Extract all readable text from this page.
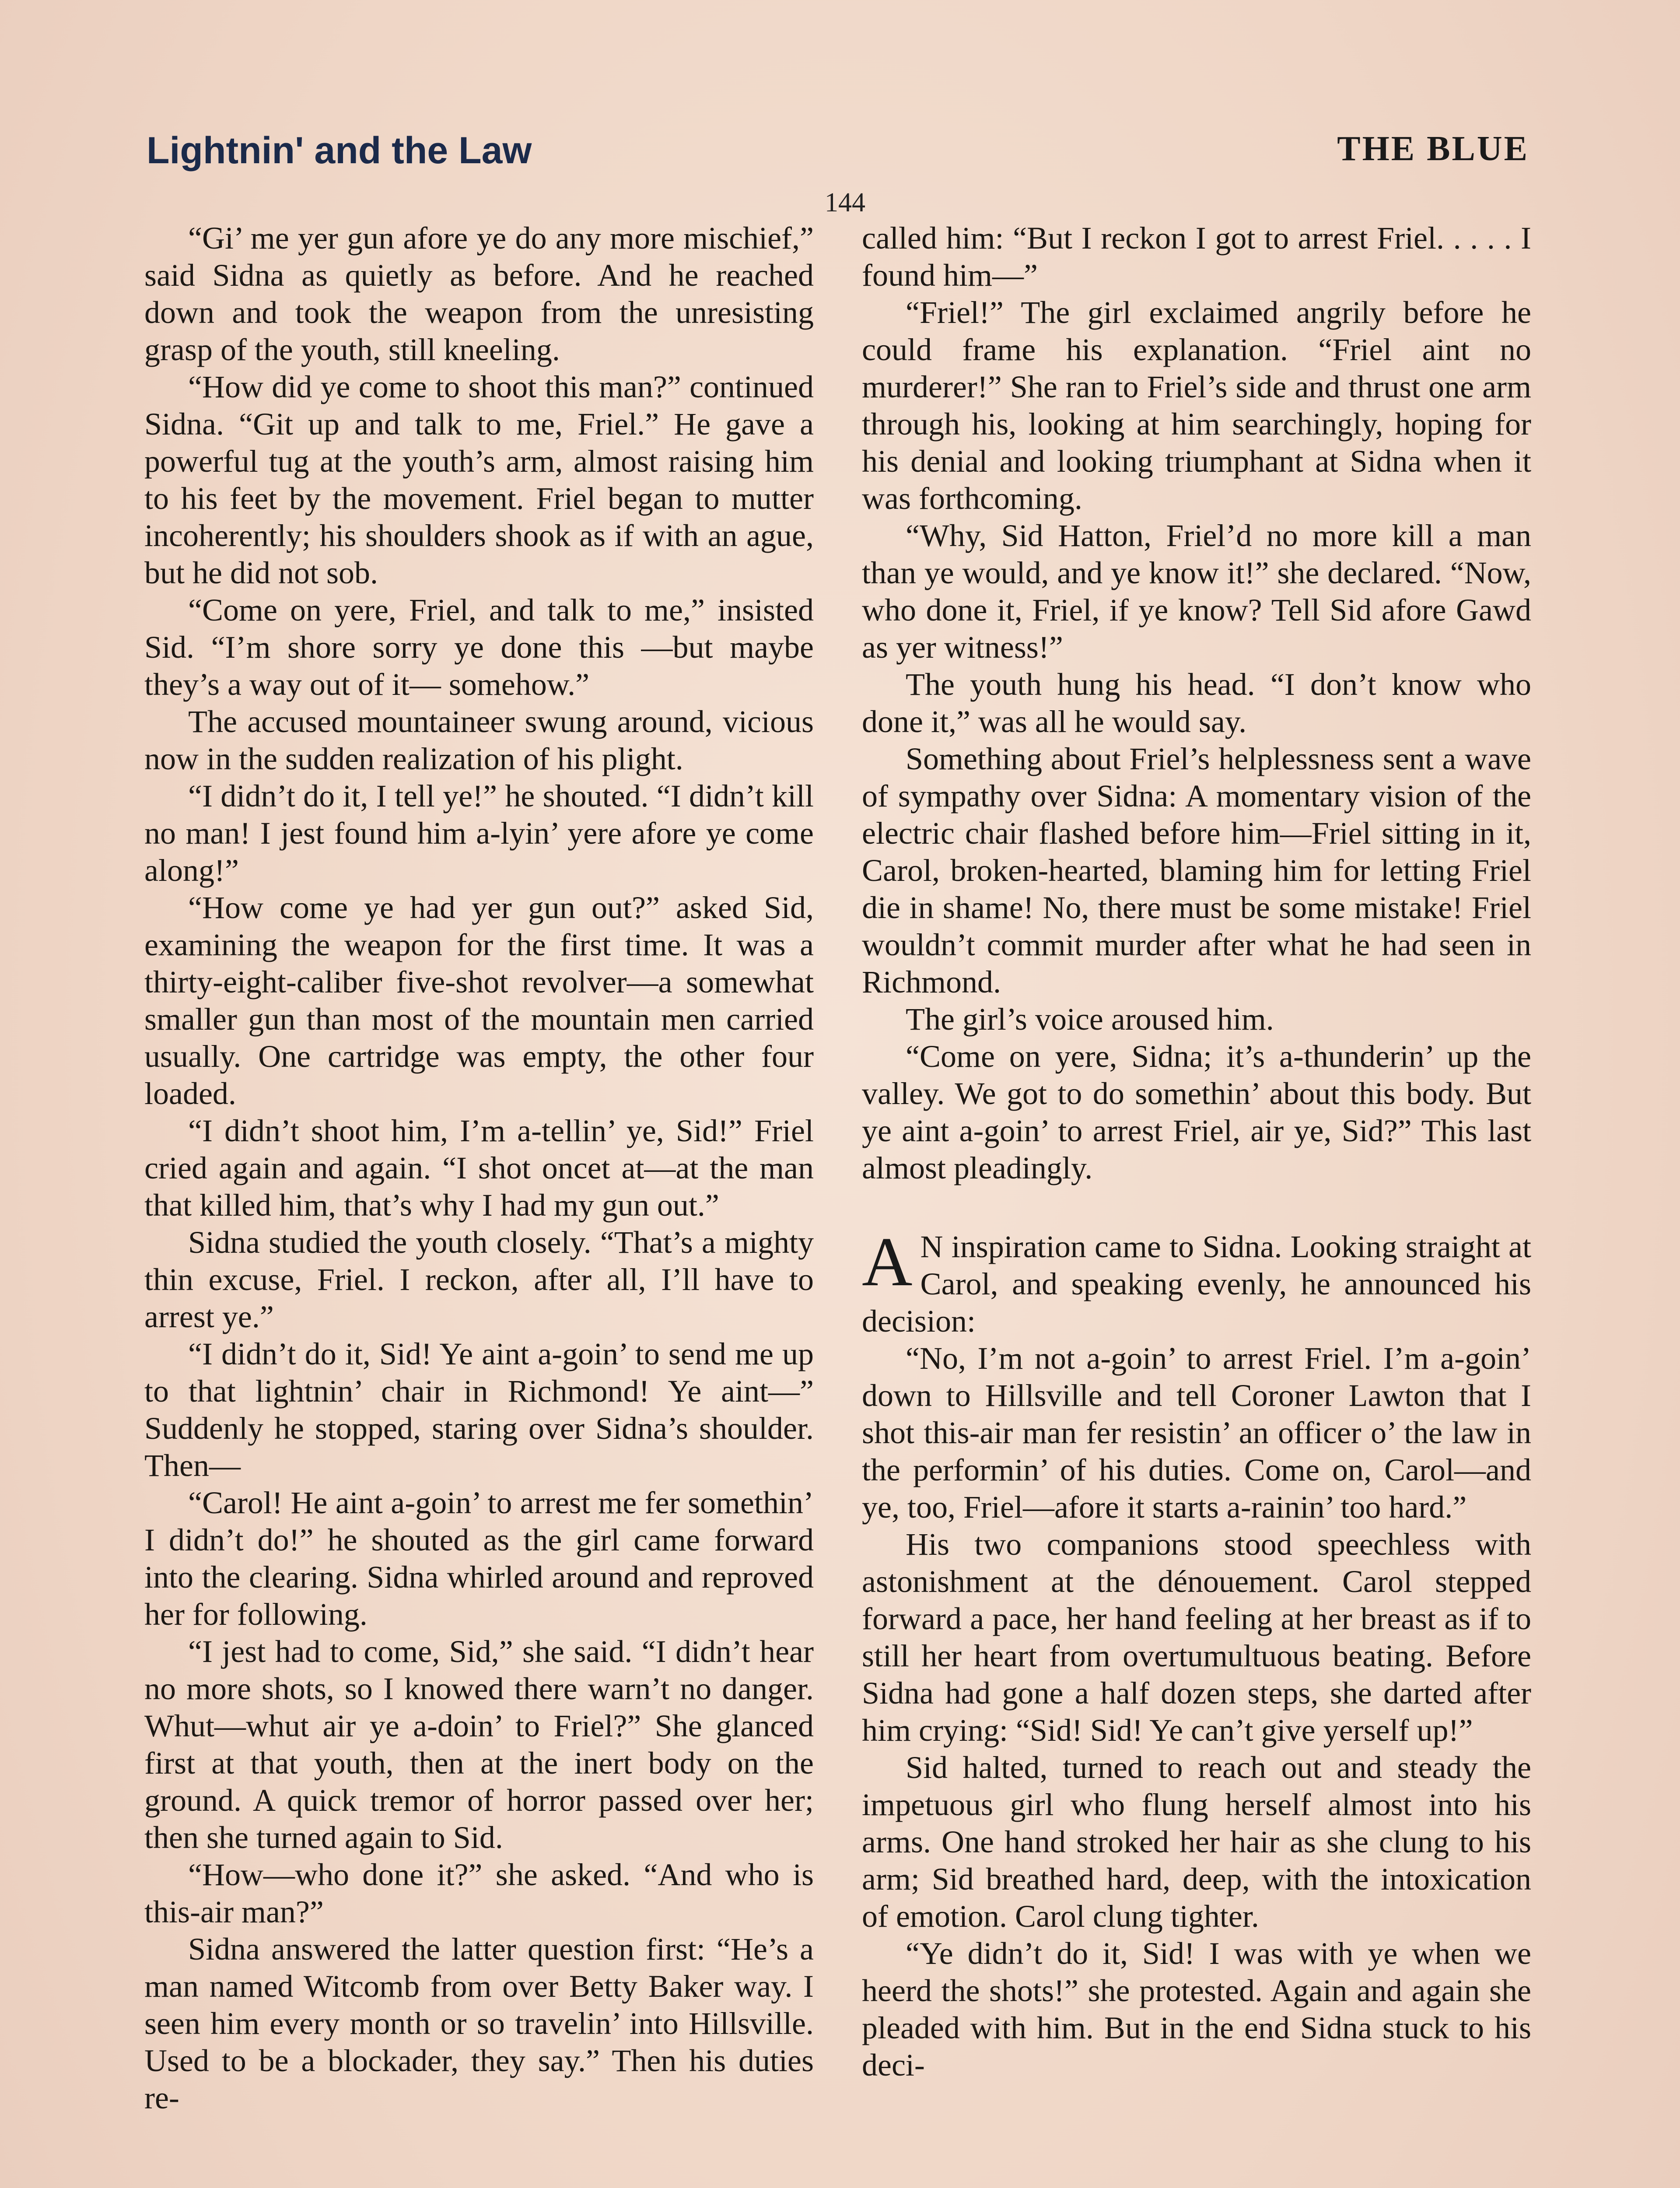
Lightnin' and the Law	THE BLUE
144

“Gi’ me yer gun afore ye do any more mischief,” said Sidna as quietly as before. And he reached down and took the weapon from the unresisting grasp of the youth, still kneeling.

“How did ye come to shoot this man?” continued Sidna. “Git up and talk to me, Friel.” He gave a powerful tug at the youth’s arm, almost raising him to his feet by the movement. Friel began to mutter incoherently; his shoulders shook as if with an ague, but he did not sob.

“Come on yere, Friel, and talk to me,” insisted Sid. “I’m shore sorry ye done this —but maybe they’s a way out of it— somehow.”

The accused mountaineer swung around, vicious now in the sudden realization of his plight.

“I didn’t do it, I tell ye!” he shouted. “I didn’t kill no man! I jest found him a-lyin’ yere afore ye come along!”

“How come ye had yer gun out?” asked Sid, examining the weapon for the first time. It was a thirty-eight-caliber five-shot revolver—a somewhat smaller gun than most of the mountain men carried usually. One cartridge was empty, the other four loaded.

“I didn’t shoot him, I’m a-tellin’ ye, Sid!” Friel cried again and again. “I shot oncet at—at the man that killed him, that’s why I had my gun out.”

Sidna studied the youth closely. “That’s a mighty thin excuse, Friel. I reckon, after all, I’ll have to arrest ye.”

“I didn’t do it, Sid! Ye aint a-goin’ to send me up to that lightnin’ chair in Richmond! Ye aint—” Suddenly he stopped, staring over Sidna’s shoulder. Then—

“Carol! He aint a-goin’ to arrest me fer somethin’ I didn’t do!” he shouted as the girl came forward into the clearing. Sidna whirled around and reproved her for following.

“I jest had to come, Sid,” she said. “I didn’t hear no more shots, so I knowed there warn’t no danger. Whut—whut air ye a-doin’ to Friel?” She glanced first at that youth, then at the inert body on the ground. A quick tremor of horror passed over her; then she turned again to Sid.

“How—who done it?” she asked. “And who is this-air man?”

Sidna answered the latter question first: “He’s a man named Witcomb from over Betty Baker way. I seen him every month or so travelin’ into Hillsville. Used to be a blockader, they say.” Then his duties re-

called him: “But I reckon I got to arrest Friel. . . . . I found him—”

“Friel!” The girl exclaimed angrily before he could frame his explanation. “Friel aint no murderer!” She ran to Friel’s side and thrust one arm through his, looking at him searchingly, hoping for his denial and looking triumphant at Sidna when it was forthcoming.

“Why, Sid Hatton, Friel’d no more kill a man than ye would, and ye know it!” she declared. “Now, who done it, Friel, if ye know? Tell Sid afore Gawd as yer witness!”

The youth hung his head. “I don’t know who done it,” was all he would say.

Something about Friel’s helplessness sent a wave of sympathy over Sidna: A momentary vision of the electric chair flashed before him—Friel sitting in it, Carol, broken-hearted, blaming him for letting Friel die in shame! No, there must be some mistake! Friel wouldn’t commit murder after what he had seen in Richmond.

The girl’s voice aroused him.

“Come on yere, Sidna; it’s a-thunderin’ up the valley. We got to do somethin’ about this body. But ye aint a-goin’ to arrest Friel, air ye, Sid?” This last almost pleadingly.

A N inspiration came to Sidna. Looking straight at Carol, and speaking evenly, he announced his decision:

“No, I’m not a-goin’ to arrest Friel. I’m a-goin’ down to Hillsville and tell Coroner Lawton that I shot this-air man fer resistin’ an officer o’ the law in the performin’ of his duties. Come on, Carol—and ye, too, Friel—afore it starts a-rainin’ too hard.”

His two companions stood speechless with astonishment at the dénouement. Carol stepped forward a pace, her hand feeling at her breast as if to still her heart from overtumultuous beating. Before Sidna had gone a half dozen steps, she darted after him crying: “Sid! Sid! Ye can’t give yerself up!”

Sid halted, turned to reach out and steady the impetuous girl who flung herself almost into his arms. One hand stroked her hair as she clung to his arm; Sid breathed hard, deep, with the intoxication of emotion. Carol clung tighter.

“Ye didn’t do it, Sid! I was with ye when we heerd the shots!” she protested. Again and again she pleaded with him. But in the end Sidna stuck to his deci-
